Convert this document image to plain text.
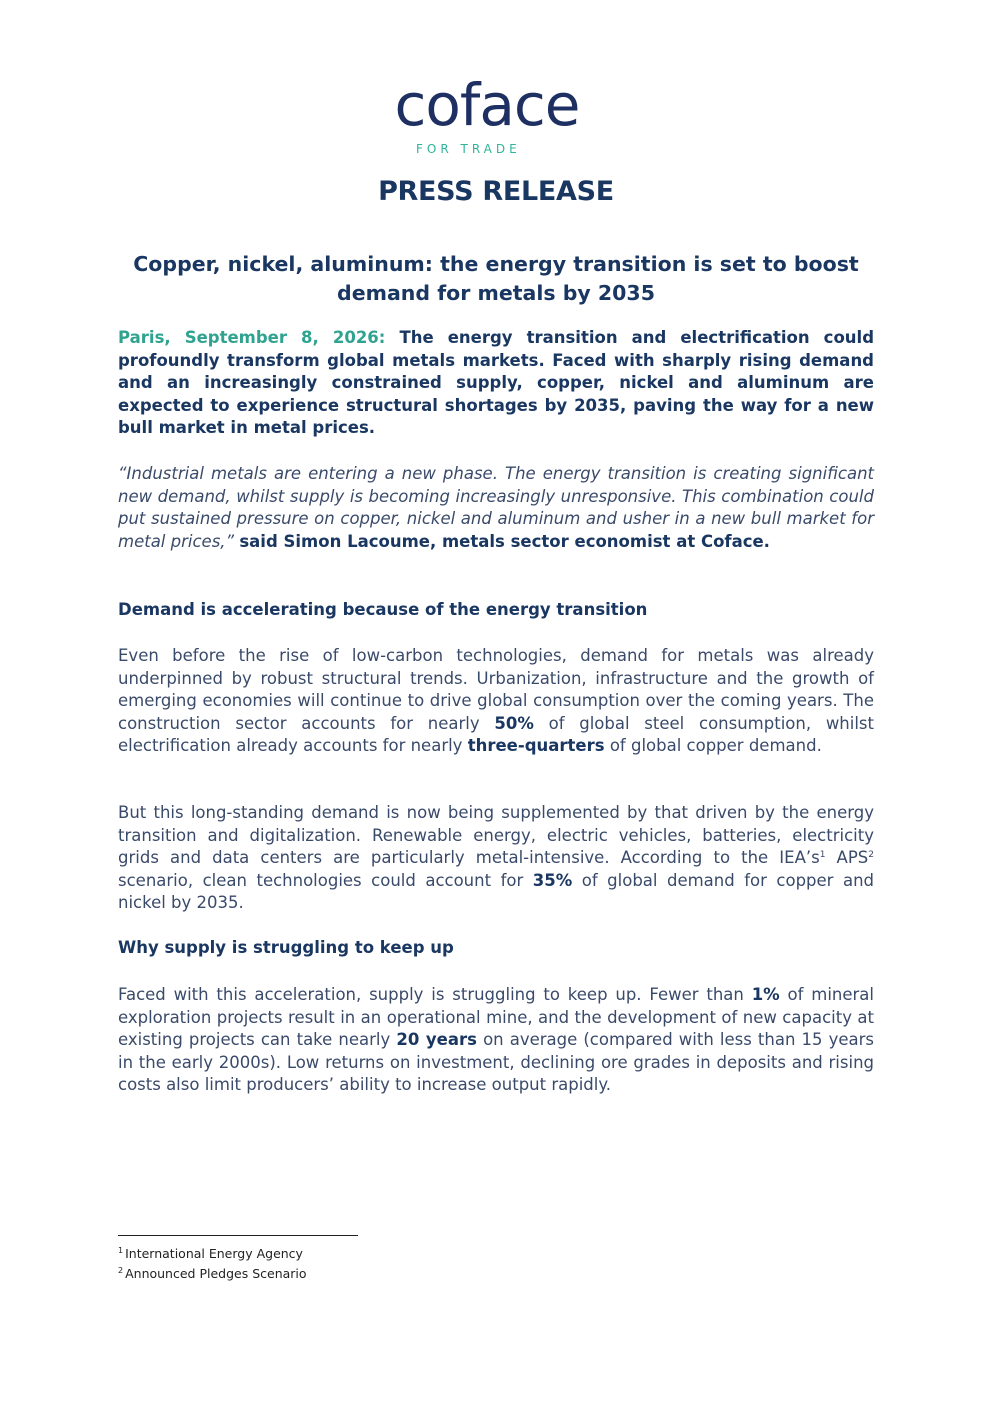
coface
FOR TRADE
PRESS RELEASE
Copper, nickel, aluminum: the energy transition is set to boost demand for metals by 2035
Paris, September 8, 2026: The energy transition and electrification could profoundly transform global metals markets. Faced with sharply rising demand and an increasingly constrained supply, copper, nickel and aluminum are expected to experience structural shortages by 2035, paving the way for a new bull market in metal prices.
“Industrial metals are entering a new phase. The energy transition is creating significant new demand, whilst supply is becoming increasingly unresponsive. This combination could put sustained pressure on copper, nickel and aluminum and usher in a new bull market for metal prices,” said Simon Lacoume, metals sector economist at Coface.
Demand is accelerating because of the energy transition
Even before the rise of low-carbon technologies, demand for metals was already underpinned by robust structural trends. Urbanization, infrastructure and the growth of emerging economies will continue to drive global consumption over the coming years. The construction sector accounts for nearly 50% of global steel consumption, whilst electrification already accounts for nearly three-quarters of global copper demand.
But this long-standing demand is now being supplemented by that driven by the energy transition and digitalization. Renewable energy, electric vehicles, batteries, electricity grids and data centers are particularly metal-intensive. According to the $IEA’s^1$ APS$^2$ scenario, clean technologies could account for 35% of global demand for copper and nickel by 2035.
Why supply is struggling to keep up
Faced with this acceleration, supply is struggling to keep up. Fewer than 1% of mineral exploration projects result in an operational mine, and the development of new capacity at existing projects can take nearly 20 years on average (compared with less than 15 years in the early 2000s). Low returns on investment, declining ore grades in deposits and rising costs also limit producers’ ability to increase output rapidly.
$^1$ International Energy Agency
$^2$ Announced Pledges Scenario
